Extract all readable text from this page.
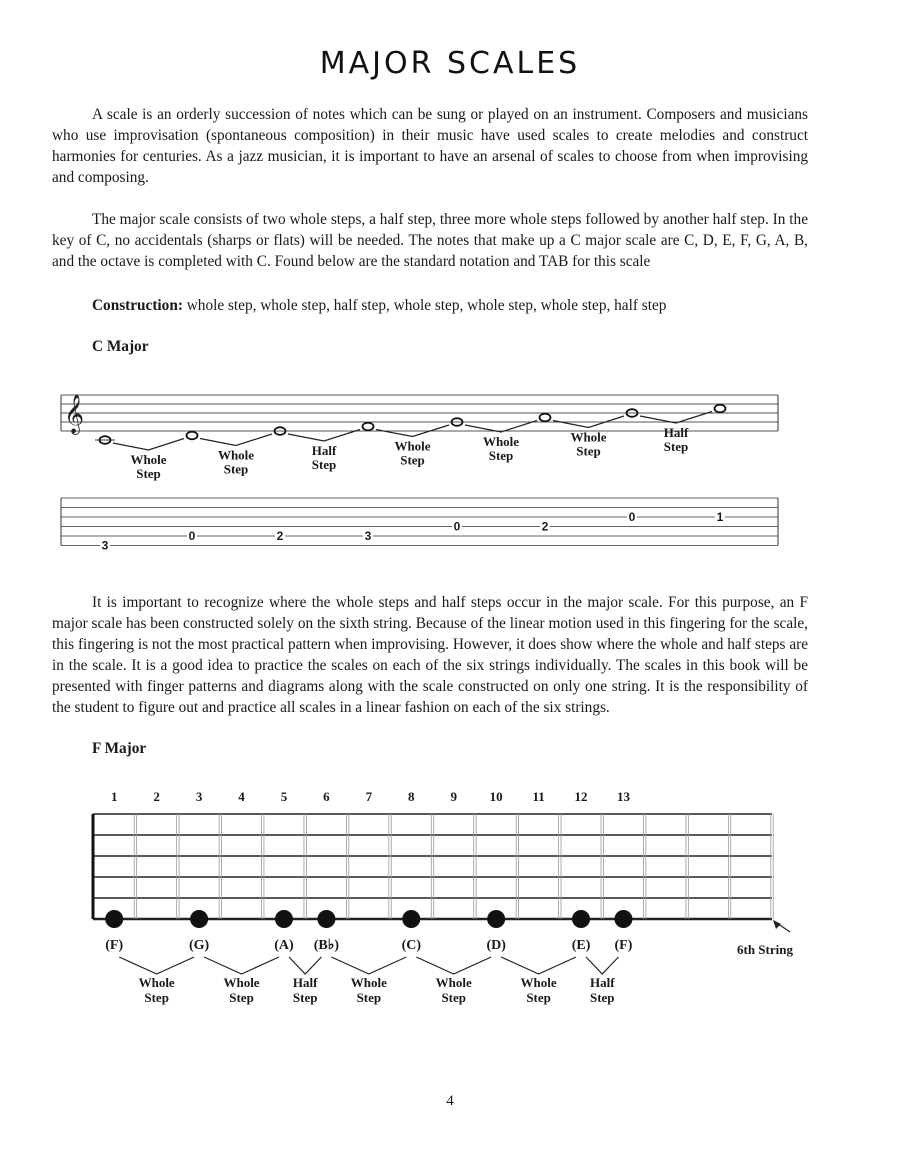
MAJOR SCALES

A scale is an orderly succession of notes which can be sung or played on an instrument. Composers and musicians who use improvisation (spontaneous composition) in their music have used scales to create melodies and construct harmonies for centuries. As a jazz musician, it is important to have an arsenal of scales to choose from when improvising and composing.

The major scale consists of two whole steps, a half step, three more whole steps followed by another half step. In the key of C, no accidentals (sharps or flats) will be needed. The notes that make up a C major scale are C, D, E, F, G, A, B, and the octave is completed with C. Found below are the standard notation and TAB for this scale

Construction: whole step, whole step, half step, whole step, whole step, whole step, half step
C Major
𝄞
Whole
Step
Whole
Step
Half
Step
Whole
Step
Whole
Step
Whole
Step
Half
Step
3
0	2	3
0	2
0	1

It is important to recognize where the whole steps and half steps occur in the major scale. For this purpose, an F major scale has been constructed solely on the sixth string. Because of the linear motion used in this fingering for the scale, this fingering is not the most practical pattern when improvising. However, it does show where the whole and half steps are in the scale. It is a good idea to practice the scales on each of the six strings individually. The scales in this book will be presented with finger patterns and diagrams along with the scale constructed on only one string. It is the responsibility of the student to figure out and practice all scales in a linear fashion on each of the six strings.

F Major
1	2	3	4	5	6	7	8	9	10 11 12 13
(F)	(G)	(A) (B♭)	(C)	(D)	(E) (F)
Whole
Step
Whole
Step
Half
Step
Whole
Step
Whole
Step
Whole
Step
Half
Step
6th String
4
